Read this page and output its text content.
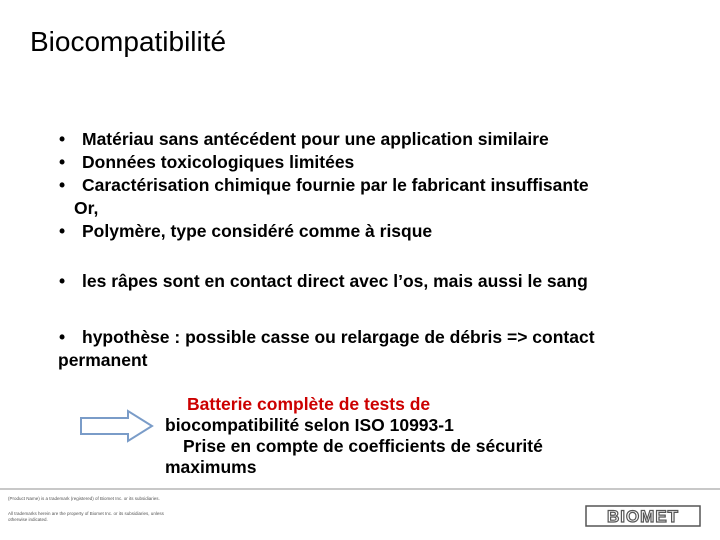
Biocompatibilité
• Matériau sans antécédent pour une application similaire
• Données toxicologiques limitées
• Caractérisation chimique fournie par le fabricant insuffisante
Or,
• Polymère, type considéré comme à risque
• les râpes sont en contact direct avec l’os, mais aussi le sang
• hypothèse : possible casse ou relargage de débris => contact
permanent
Batterie complète de tests de
biocompatibilité selon ISO 10993-1
Prise en compte de coefficients de sécurité
maximums
(Product Name) is a trademark (registered) of Biomet Inc. or its subsidiaries.
All trademarks herein are the property of Biomet Inc. or its subsidiaries, unless otherwise indicated.	BIOMET
